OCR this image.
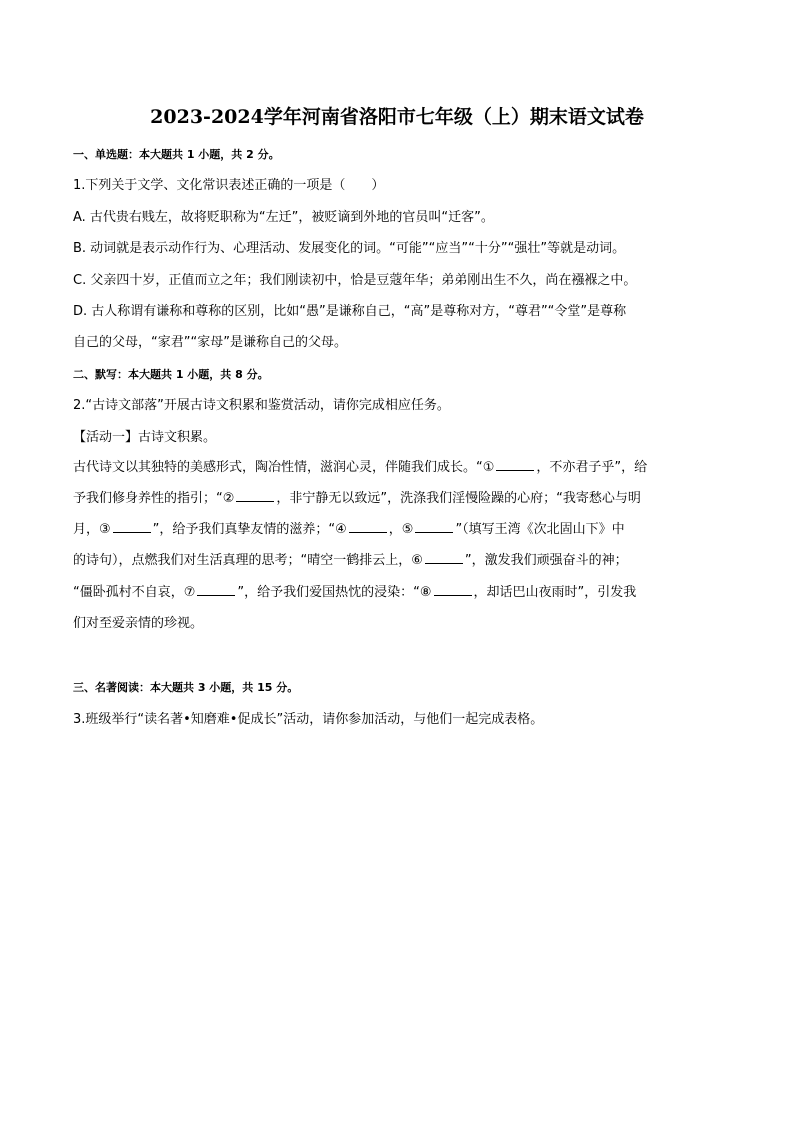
2023-2024学年河南省洛阳市七年级（上）期末语文试卷
一、单选题：本大题共 1 小题，共 2 分。
1.下列关于文学、文化常识表述正确的一项是（　　）
A. 古代贵右贱左，故将贬职称为“左迁”，被贬谪到外地的官员叫“迁客”。
B. 动词就是表示动作行为、心理活动、发展变化的词。“可能”“应当”“十分”“强壮”等就是动词。
C. 父亲四十岁，正值而立之年；我们刚读初中，恰是豆蔻年华；弟弟刚出生不久，尚在襁褓之中。
D. 古人称谓有谦称和尊称的区别，比如“愚”是谦称自己，“高”是尊称对方，“尊君”“令堂”是尊称
自己的父母，“家君”“家母”是谦称自己的父母。
二、默写：本大题共 1 小题，共 8 分。
2.“古诗文部落”开展古诗文积累和鉴赏活动，请你完成相应任务。
【活动一】古诗文积累。
古代诗文以其独特的美感形式，陶冶性情，滋润心灵，伴随我们成长。“①	，不亦君子乎”，给
予我们修身养性的指引；“②	，非宁静无以致远”，洗涤我们淫慢险躁的心府；“我寄愁心与明
月，③	”，给予我们真挚友情的滋养；“④	，⑤	”（填写王湾《次北固山下》中
的诗句），点燃我们对生活真理的思考；“晴空一鹤排云上，⑥	”，激发我们顽强奋斗的神；
“僵卧孤村不自哀，⑦	”，给予我们爱国热忱的浸染：“⑧	，却话巴山夜雨时”，引发我
们对至爱亲情的珍视。
三、名著阅读：本大题共 3 小题，共 15 分。
3.班级举行“读名著•知磨难•促成长”活动，请你参加活动，与他们一起完成表格。
